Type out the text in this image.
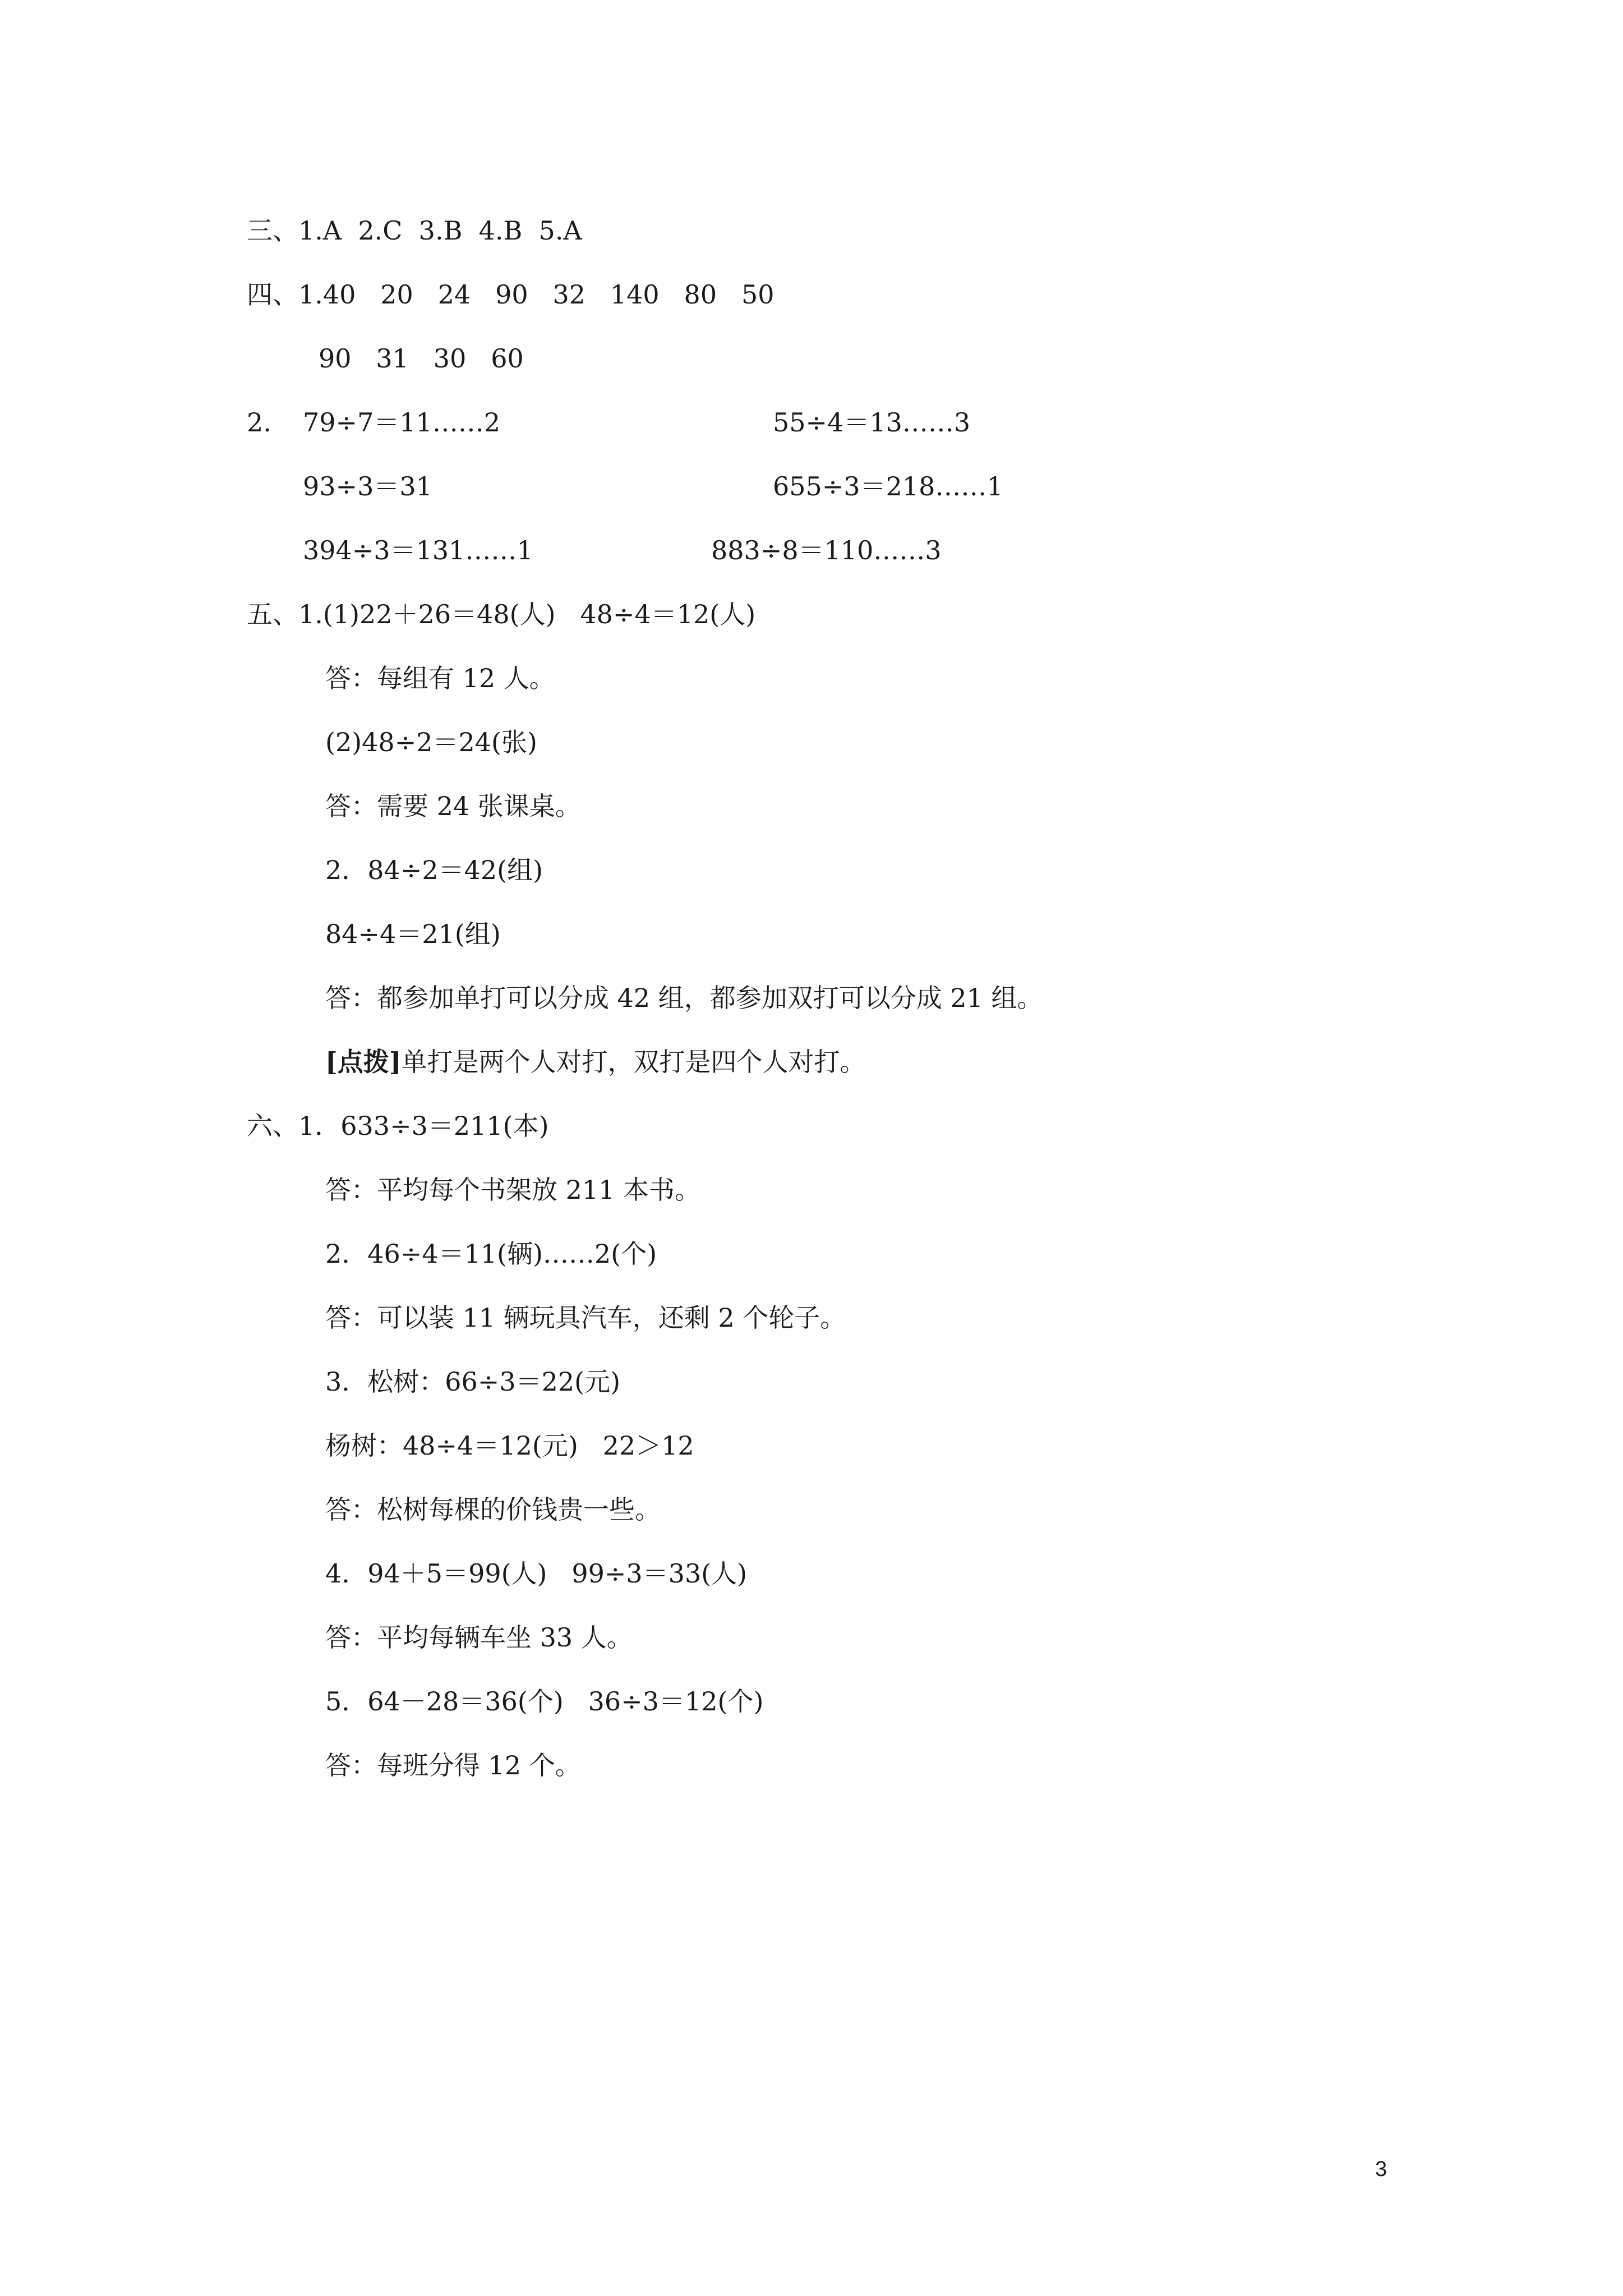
三、1.A  2.C  3.B  4.B  5.A
四、1.40   20   24   90   32   140   80   50
90   31   30   60
2. 79÷7＝11……2	55÷4＝13……3
93÷3＝31	655÷3＝218……1
394÷3＝131……1	883÷8＝110……3
五、1.(1)22＋26＝48(人)   48÷4＝12(人)
答：每组有 12 人。
(2)48÷2＝24(张)
答：需要 24 张课桌。
2．84÷2＝42(组)
84÷4＝21(组)
答：都参加单打可以分成 42 组，都参加双打可以分成 21 组。
[点拨]单打是两个人对打，双打是四个人对打。
六、1．633÷3＝211(本)
答：平均每个书架放 211 本书。
2．46÷4＝11(辆)……2(个)
答：可以装 11 辆玩具汽车，还剩 2 个轮子。
3．松树：66÷3＝22(元)
杨树：48÷4＝12(元)   22＞12
答：松树每棵的价钱贵一些。
4．94＋5＝99(人)   99÷3＝33(人)
答：平均每辆车坐 33 人。
5．64－28＝36(个)   36÷3＝12(个)
答：每班分得 12 个。
3
